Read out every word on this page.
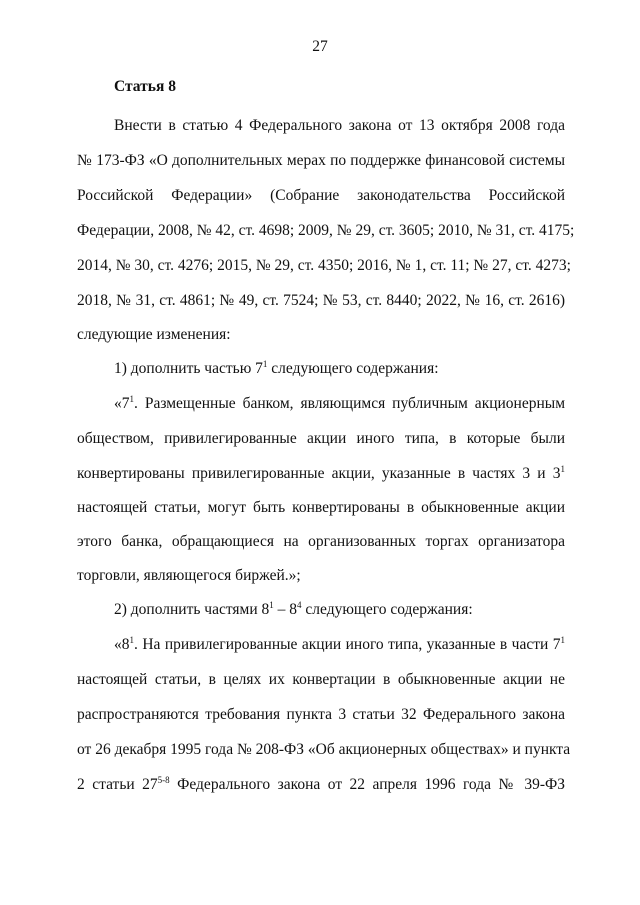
27
Статья 8
Внести в статью 4 Федерального закона от 13 октября 2008 года
№ 173-ФЗ «О дополнительных мерах по поддержке финансовой системы
Российской Федерации» (Собрание законодательства Российской
Федерации, 2008, № 42, ст. 4698; 2009, № 29, ст. 3605; 2010, № 31, ст. 4175;
2014, № 30, ст. 4276; 2015, № 29, ст. 4350; 2016, № 1, ст. 11; № 27, ст. 4273;
2018, № 31, ст. 4861; № 49, ст. 7524; № 53, ст. 8440; 2022, № 16, ст. 2616)
следующие изменения:
1) дополнить частью $7^1$ следующего содержания:
«$7^1$. Размещенные банком, являющимся публичным акционерным
обществом, привилегированные акции иного типа, в которые были
конвертированы привилегированные акции, указанные в частях 3 и $3^1$
настоящей статьи, могут быть конвертированы в обыкновенные акции
этого банка, обращающиеся на организованных торгах организатора
торговли, являющегося биржей.»;
2) дополнить частями $8^1 - 8^4$ следующего содержания:
«$8^1$. На привилегированные акции иного типа, указанные в части $7^1$
настоящей статьи, в целях их конвертации в обыкновенные акции не
распространяются требования пункта 3 статьи 32 Федерального закона
от 26 декабря 1995 года № 208-ФЗ «Об акционерных обществах» и пункта
2 статьи 27$^{5-8}$ Федерального закона от 22 апреля 1996 года № 39-ФЗ
